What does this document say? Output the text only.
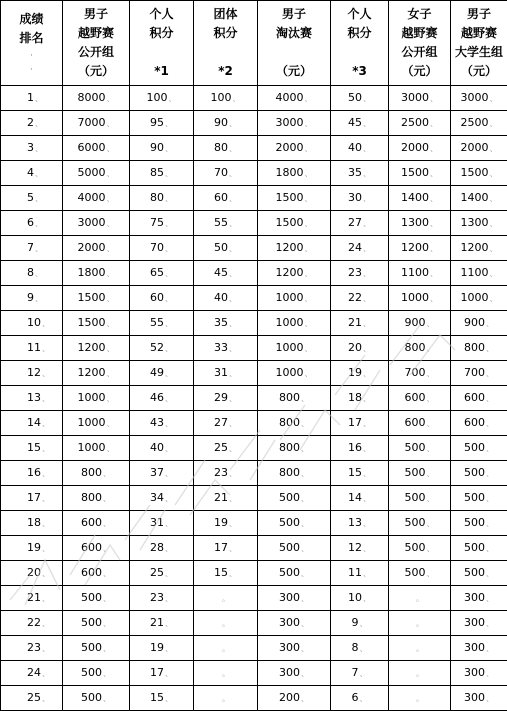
成绩
排名
,
,	男子
越野赛
公开组
（元）	个人
积分

*1	团体
积分

*2	男子
淘汰赛

（元）	个人
积分

*3	女子
越野赛
公开组
（元）	男子
越野赛
大学生组
（元）

1、	8000、	100、	100、	4000、	50、	3000、	3000、
2、	7000、	95、	90、	3000、	45、	2500、	2500、
3、	6000、	90、	80、	2000、	40、	2000、	2000、
4、	5000、	85、	70、	1800、	35、	1500、	1500、
5、	4000、	80、	60、	1500、	30、	1400、	1400、
6、	3000、	75、	55、	1500、	27、	1300、	1300、
7、	2000、	70、	50、	1200、	24、	1200、	1200、
8、	1800、	65、	45、	1200、	23、	1100、	1100、
9、	1500、	60、	40、	1000、	22、	1000、	1000、
10、	1500、	55、	35、	1000、	21、	900、	900、
11、	1200、	52、	33、	1000、	20、	800、	800、
12、	1200、	49、	31、	1000、	19、	700、	700、
13、	1000、	46、	29、	800、	18、	600、	600、
14、	1000、	43、	27、	800、	17、	600、	600、
15、	1000、	40、	25、	800、	16、	500、	500、
16、	800、	37、	23、	800、	15、	500、	500、
17、	800、	34、	21、	500、	14、	500、	500、
18、	600、	31、	19、	500、	13、	500、	500、
19、	600、	28、	17、	500、	12、	500、	500、
20、	600、	25、	15、	500、	11、	500、	500、
21、	500、	23、	。	300、	10、	。	300、
22、	500、	21、	。	300、	9、	。	300、
23、	500、	19、	。	300、	8、	。	300、
24、	500、	17、	。	300、	7、	。	300、
25、	500、	15、	。	200、	6、	。	300、
